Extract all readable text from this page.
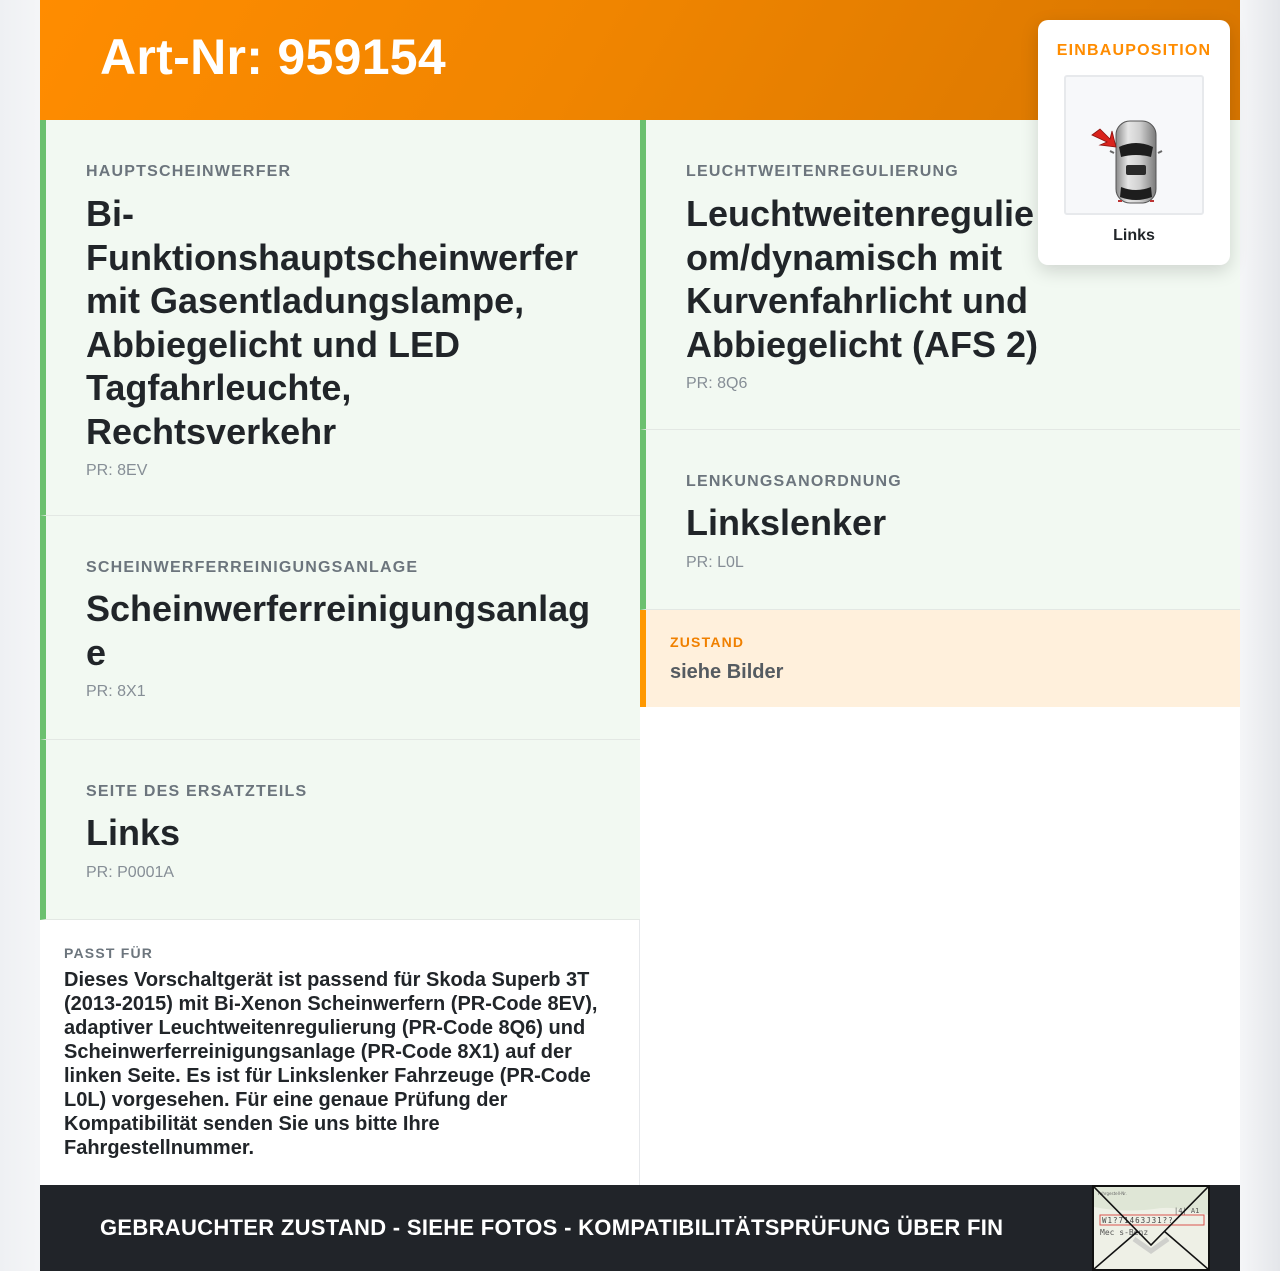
Art-Nr: 959154
HAUPTSCHEINWERFER
Bi-Funktionshauptscheinwerfer mit Gasentladungslampe, Abbiegelicht und LED Tagfahrleuchte, Rechtsverkehr
PR: 8EV
SCHEINWERFERREINIGUNGSANLAGE
Scheinwerferreinigungsanlage
PR: 8X1
SEITE DES ERSATZTEILS
Links
PR: P0001A
PASST FÜR
Dieses Vorschaltgerät ist passend für Skoda Superb 3T (2013-2015) mit Bi-Xenon Scheinwerfern (PR-Code 8EV), adaptiver Leuchtweitenregulierung (PR-Code 8Q6) und Scheinwerferreinigungsanlage (PR-Code 8X1) auf der linken Seite. Es ist für Linkslenker Fahrzeuge (PR-Code L0L) vorgesehen. Für eine genaue Prüfung der Kompatibilität senden Sie uns bitte Ihre Fahrgestellnummer.
LEUCHTWEITENREGULIERUNG
Leuchtweitenregulie
om/dynamisch mit
Kurvenfahrlicht und
Abbiegelicht (AFS 2)
PR: 8Q6
LENKUNGSANORDNUNG
Linkslenker
PR: L0L
ZUSTAND
siehe Bilder
GEBRAUCHTER ZUSTAND - SIEHE FOTOS - KOMPATIBILITÄTSPRÜFUNG ÜBER FIN
Fahrgestell-Nr.
|4| A1
W1?71463J31??
Mec s-Benz
EINBAUPOSITION
Links
